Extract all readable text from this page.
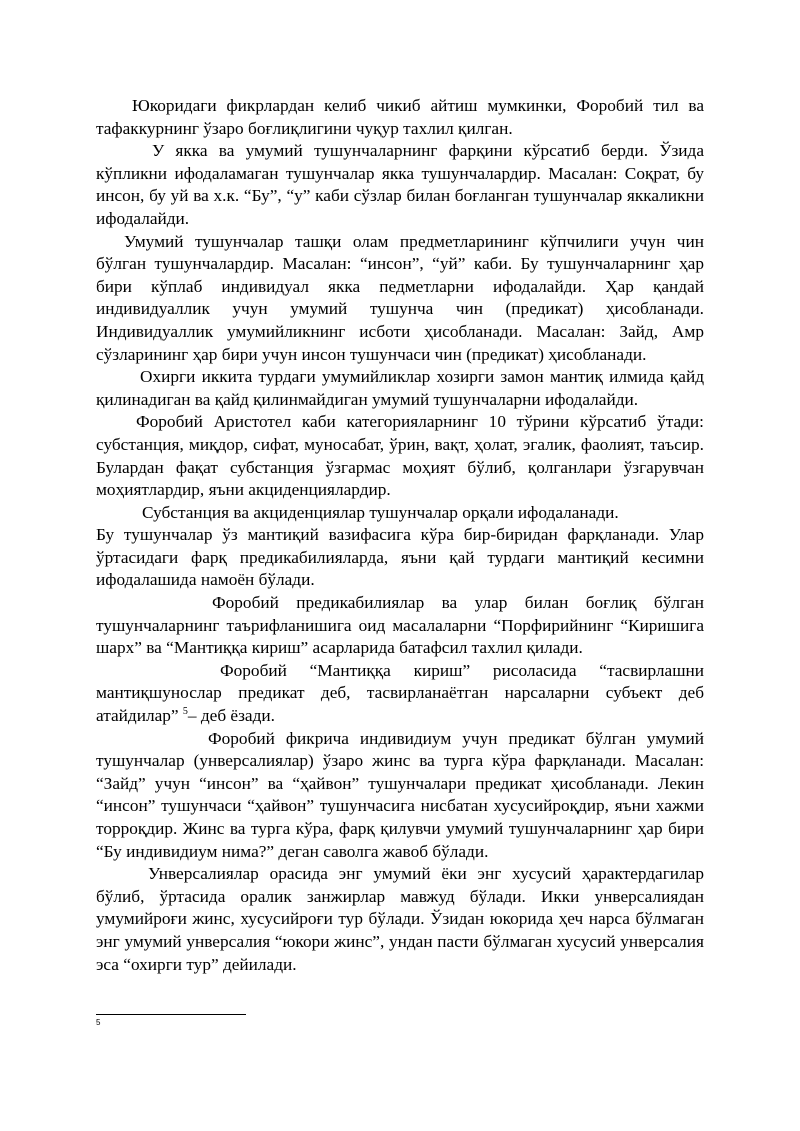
Юкоридаги фикрлардан келиб чикиб айтиш мумкинки, Форобий тил ва тафаккурнинг ўзаро боғлиқлигини чуқур тахлил қилган.

У якка ва умумий тушунчаларнинг фарқини кўрсатиб берди. Ўзида кўпликни ифодаламаган тушунчалар якка тушунчалардир. Масалан: Соқрат, бу инсон, бу уй ва х.к. “Бу”, “у” каби сўзлар билан боғланган тушунчалар яккаликни ифодалайди.

Умумий тушунчалар ташқи олам предметларининг кўпчилиги учун чин бўлган тушунчалардир. Масалан: “инсон”, “уй” каби. Бу тушунчаларнинг ҳар бири кўплаб индивидуал якка педметларни ифодалайди. Ҳар қандай индивидуаллик учун умумий тушунча чин (предикат) ҳисобланади. Индивидуаллик умумийликнинг исботи ҳисобланади. Масалан: Зайд, Амр сўзларининг ҳар бири учун инсон тушунчаси чин (предикат) ҳисобланади.

Охирги иккита турдаги умумийликлар хозирги замон мантиқ илмида қайд қилинадиган ва қайд қилинмайдиган умумий тушунчаларни ифодалайди.

Форобий Аристотел каби категорияларнинг 10 тўрини кўрсатиб ўтади: субстанция, миқдор, сифат, муносабат, ўрин, вақт, ҳолат, эгалик, фаолият, таъсир. Булардан фақат субстанция ўзгармас моҳият бўлиб, қолганлари ўзгарувчан моҳиятлардир, яъни акциденциялардир.

Субстанция ва акциденциялар тушунчалар орқали ифодаланади.

Бу тушунчалар ўз мантиқий вазифасига кўра бир-биридан фарқланади. Улар ўртасидаги фарқ предикабилияларда, яъни қай турдаги мантиқий кесимни ифодалашида намоён бўлади.

Форобий предикабилиялар ва улар билан боғлиқ бўлган тушунчаларнинг таърифланишига оид масалаларни “Порфирийнинг “Киришига шарх” ва “Мантиққа кириш” асарларида батафсил тахлил қилади.

Форобий “Мантиққа кириш” рисоласида “тасвирлашни мантиқшунослар предикат деб, тасвирланаётган нарсаларни субъект деб атайдилар” $^5$– деб ёзади.

Форобий фикрича индивидиум учун предикат бўлган умумий тушунчалар (унверсалиялар) ўзаро жинс ва турга кўра фарқланади. Масалан: “Зайд” учун “инсон” ва “ҳайвон” тушунчалари предикат ҳисобланади. Лекин “инсон” тушунчаси “ҳайвон” тушунчасига нисбатан хусусийроқдир, яъни хажми торроқдир. Жинс ва турга кўра, фарқ қилувчи умумий тушунчаларнинг ҳар бири “Бу индивидиум нима?” деган саволга жавоб бўлади.

Унверсалиялар орасида энг умумий ёки энг хусусий ҳарактердагилар бўлиб, ўртасида оралик занжирлар мавжуд бўлади. Икки унверсалиядан умумийроғи жинс, хусусийроғи тур бўлади. Ўзидан юкорида ҳеч нарса бўлмаган энг умумий унверсалия “юкори жинс”, ундан пасти бўлмаган хусусий унверсалия эса “охирги тур” дейилади.

5
